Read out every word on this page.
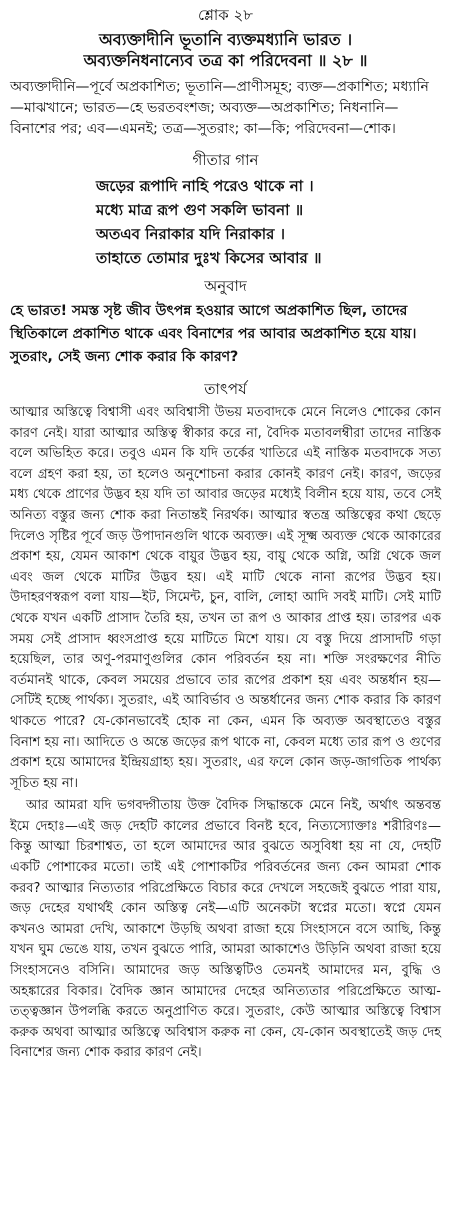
শ্লোক ২৮

অব্যক্তাদীনি ভূতানি ব্যক্তমধ্যানি ভারত ।

অব্যক্তনিধনান্যেব তত্র কা পরিদেবনা ॥ ২৮ ॥

অব্যক্তাদীনি—পূর্বে অপ্রকাশিত; ভূতানি—প্রাণীসমূহ; ব্যক্ত—প্রকাশিত; মধ্যানি—মাঝখানে; ভারত—হে ভরতবংশজ; অব্যক্ত—অপ্রকাশিত; নিধনানি—বিনাশের পর; এব—এমনই; তত্র—সুতরাং; কা—কি; পরিদেবনা—শোক।

গীতার গান
জড়ের রূপাদি নাহি পরেও থাকে না ।
মধ্যে মাত্র রূপ গুণ সকলি ভাবনা ॥
অতএব নিরাকার যদি নিরাকার ।
তাহাতে তোমার দুঃখ কিসের আবার ॥
অনুবাদ

হে ভারত! সমস্ত সৃষ্ট জীব উৎপন্ন হওয়ার আগে অপ্রকাশিত ছিল, তাদের স্থিতিকালে প্রকাশিত থাকে এবং বিনাশের পর আবার অপ্রকাশিত হয়ে যায়। সুতরাং, সেই জন্য শোক করার কি কারণ?

তাৎপর্য

আত্মার অস্তিত্বে বিশ্বাসী এবং অবিশ্বাসী উভয় মতবাদকে মেনে নিলেও শোকের কোন কারণ নেই। যারা আত্মার অস্তিত্ব স্বীকার করে না, বৈদিক মতাবলম্বীরা তাদের নাস্তিক বলে অভিহিত করে। তবুও এমন কি যদি তর্কের খাতিরে এই নাস্তিক মতবাদকে সত্য বলে গ্রহণ করা হয়, তা হলেও অনুশোচনা করার কোনই কারণ নেই। কারণ, জড়ের মধ্য থেকে প্রাণের উদ্ভব হয় যদি তা আবার জড়ের মধ্যেই বিলীন হয়ে যায়, তবে সেই অনিত্য বস্তুর জন্য শোক করা নিতান্তই নিরর্থক। আত্মার স্বতন্ত্র অস্তিত্বের কথা ছেড়ে দিলেও সৃষ্টির পূর্বে জড় উপাদানগুলি থাকে অব্যক্ত। এই সূক্ষ্ম অব্যক্ত থেকে আকারের প্রকাশ হয়, যেমন আকাশ থেকে বায়ুর উদ্ভব হয়, বায়ু থেকে অগ্নি, অগ্নি থেকে জল এবং জল থেকে মাটির উদ্ভব হয়। এই মাটি থেকে নানা রূপের উদ্ভব হয়। উদাহরণস্বরূপ বলা যায়—ইট, সিমেন্ট, চুন, বালি, লোহা আদি সবই মাটি। সেই মাটি থেকে যখন একটি প্রাসাদ তৈরি হয়, তখন তা রূপ ও আকার প্রাপ্ত হয়। তারপর এক সময় সেই প্রাসাদ ধ্বংসপ্রাপ্ত হয়ে মাটিতে মিশে যায়। যে বস্তু দিয়ে প্রাসাদটি গড়া হয়েছিল, তার অণু-পরমাণুগুলির কোন পরিবর্তন হয় না। শক্তি সংরক্ষণের নীতি বর্তমানই থাকে, কেবল সময়ের প্রভাবে তার রূপের প্রকাশ হয় এবং অন্তর্ধান হয়—সেটিই হচ্ছে পার্থক্য। সুতরাং, এই আবির্ভাব ও অন্তর্ধানের জন্য শোক করার কি কারণ থাকতে পারে? যে-কোনভাবেই হোক না কেন, এমন কি অব্যক্ত অবস্থাতেও বস্তুর বিনাশ হয় না। আদিতে ও অন্তে জড়ের রূপ থাকে না, কেবল মধ্যে তার রূপ ও গুণের প্রকাশ হয়ে আমাদের ইন্দ্রিয়গ্রাহ্য হয়। সুতরাং, এর ফলে কোন জড়-জাগতিক পার্থক্য সূচিত হয় না।

আর আমরা যদি ভগবদ্গীতায় উক্ত বৈদিক সিদ্ধান্তকে মেনে নিই, অর্থাৎ অন্তবন্ত ইমে দেহাঃ—এই জড় দেহটি কালের প্রভাবে বিনষ্ট হবে, নিত্যস্যোক্তাঃ শরীরিণঃ—কিন্তু আত্মা চিরশাশ্বত, তা হলে আমাদের আর বুঝতে অসুবিধা হয় না যে, দেহটি একটি পোশাকের মতো। তাই এই পোশাকটির পরিবর্তনের জন্য কেন আমরা শোক করব? আত্মার নিত্যতার পরিপ্রেক্ষিতে বিচার করে দেখলে সহজেই বুঝতে পারা যায়, জড় দেহের যথার্থই কোন অস্তিত্ব নেই—এটি অনেকটা স্বপ্নের মতো। স্বপ্নে যেমন কখনও আমরা দেখি, আকাশে উড়ছি অথবা রাজা হয়ে সিংহাসনে বসে আছি, কিন্তু যখন ঘুম ভেঙে যায়, তখন বুঝতে পারি, আমরা আকাশেও উড়িনি অথবা রাজা হয়ে সিংহাসনেও বসিনি। আমাদের জড় অস্তিত্বটিও তেমনই আমাদের মন, বুদ্ধি ও অহঙ্কারের বিকার। বৈদিক জ্ঞান আমাদের দেহের অনিত্যতার পরিপ্রেক্ষিতে আত্ম-তত্ত্বজ্ঞান উপলব্ধি করতে অনুপ্রাণিত করে। সুতরাং, কেউ আত্মার অস্তিত্বে বিশ্বাস করুক অথবা আত্মার অস্তিত্বে অবিশ্বাস করুক না কেন, যে-কোন অবস্থাতেই জড় দেহ বিনাশের জন্য শোক করার কারণ নেই।
